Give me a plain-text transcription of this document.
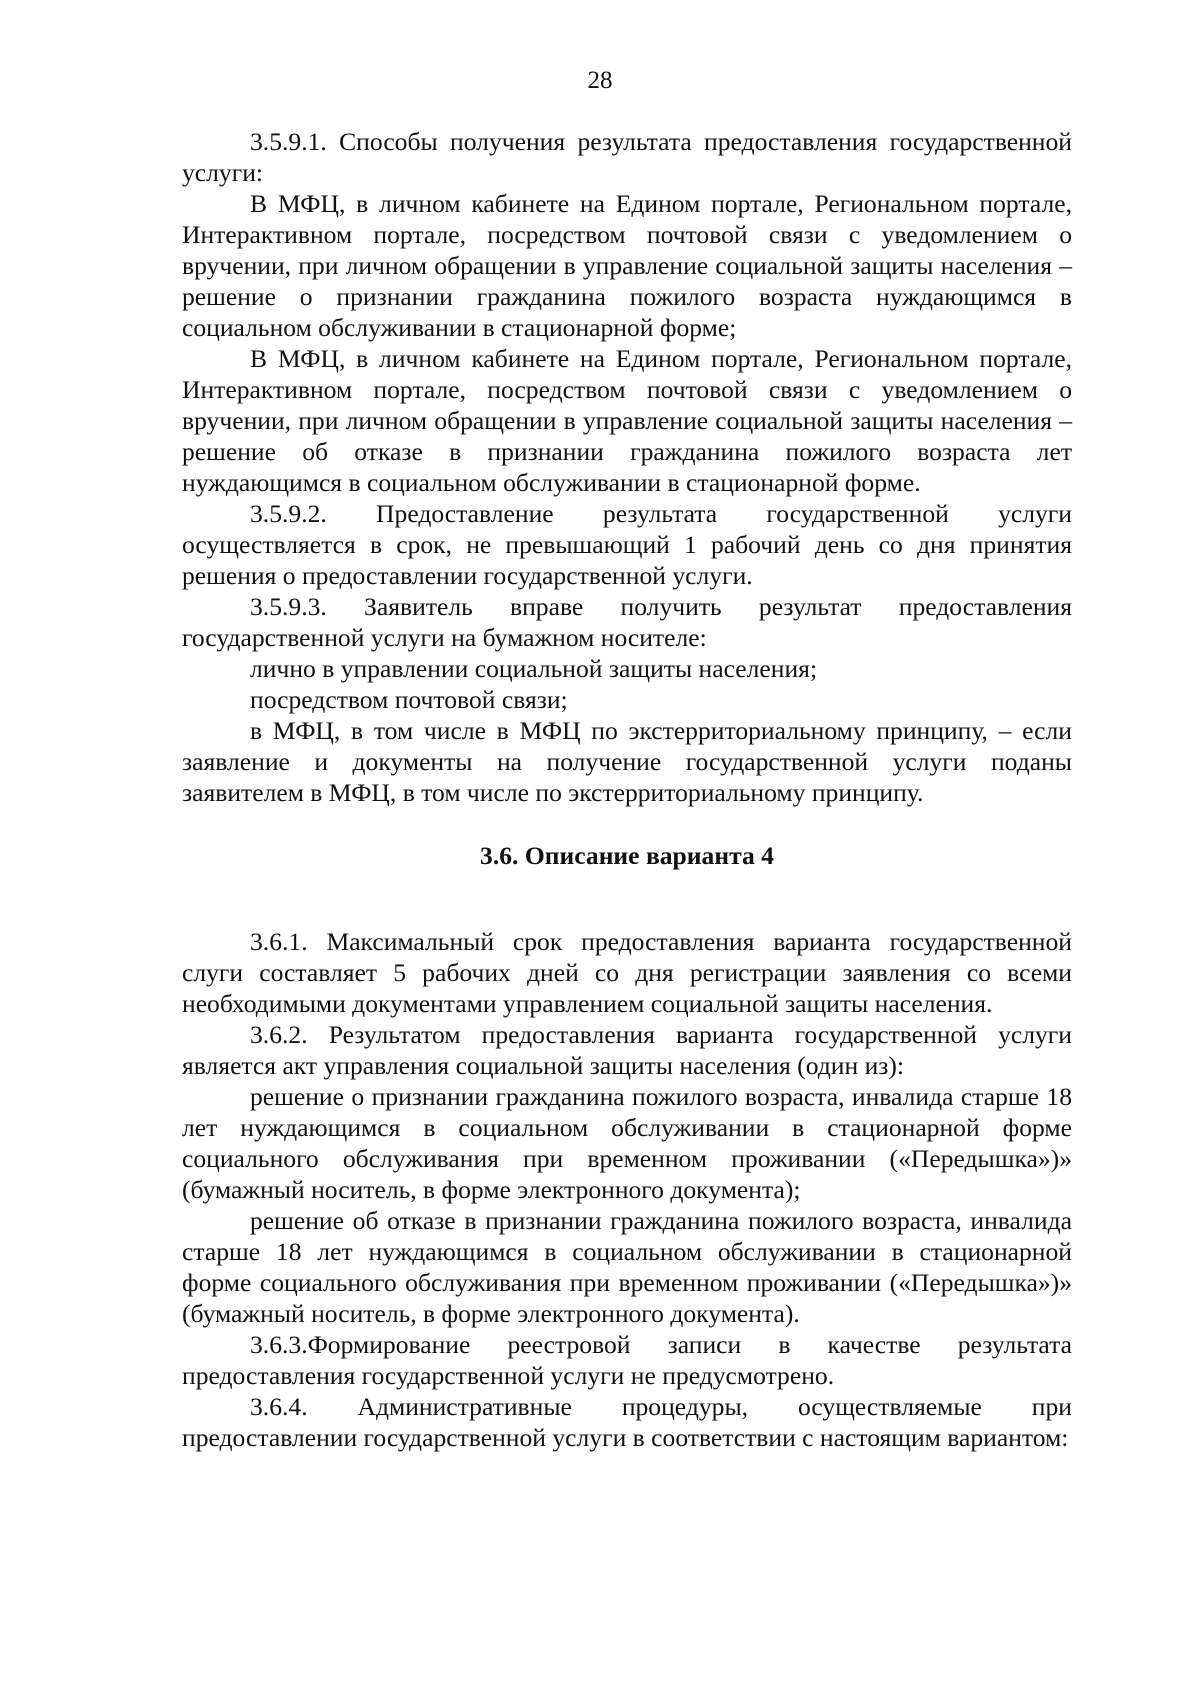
28

3.5.9.1. Способы получения результата предоставления государственной услуги:

В МФЦ, в личном кабинете на Едином портале, Региональном портале, Интерактивном портале, посредством почтовой связи с уведомлением о вручении, при личном обращении в управление социальной защиты населения – решение о признании гражданина пожилого возраста нуждающимся в социальном обслуживании в стационарной форме;

В МФЦ, в личном кабинете на Едином портале, Региональном портале, Интерактивном портале, посредством почтовой связи с уведомлением о вручении, при личном обращении в управление социальной защиты населения – решение об отказе в признании гражданина пожилого возраста лет нуждающимся в социальном обслуживании в стационарной форме.

3.5.9.2. Предоставление результата государственной услуги осуществляется в срок, не превышающий 1 рабочий день со дня принятия решения о предоставлении государственной услуги.

3.5.9.3. Заявитель вправе получить результат предоставления государственной услуги на бумажном носителе:

лично в управлении социальной защиты населения;

посредством почтовой связи;

в МФЦ, в том числе в МФЦ по экстерриториальному принципу, – если заявление и документы на получение государственной услуги поданы заявителем в МФЦ, в том числе по экстерриториальному принципу.

3.6. Описание варианта 4

3.6.1. Максимальный срок предоставления варианта государственной слуги составляет 5 рабочих дней со дня регистрации заявления со всеми необходимыми документами управлением социальной защиты населения.

3.6.2. Результатом предоставления варианта государственной услуги является акт управления социальной защиты населения (один из):

решение о признании гражданина пожилого возраста, инвалида старше 18 лет нуждающимся в социальном обслуживании в стационарной форме социального обслуживания при временном проживании («Передышка»)» (бумажный носитель, в форме электронного документа);

решение об отказе в признании гражданина пожилого возраста, инвалида старше 18 лет нуждающимся в социальном обслуживании в стационарной форме социального обслуживания при временном проживании («Передышка»)» (бумажный носитель, в форме электронного документа).

3.6.3.Формирование реестровой записи в качестве результата предоставления государственной услуги не предусмотрено.

3.6.4. Административные процедуры, осуществляемые при предоставлении государственной услуги в соответствии с настоящим вариантом:
